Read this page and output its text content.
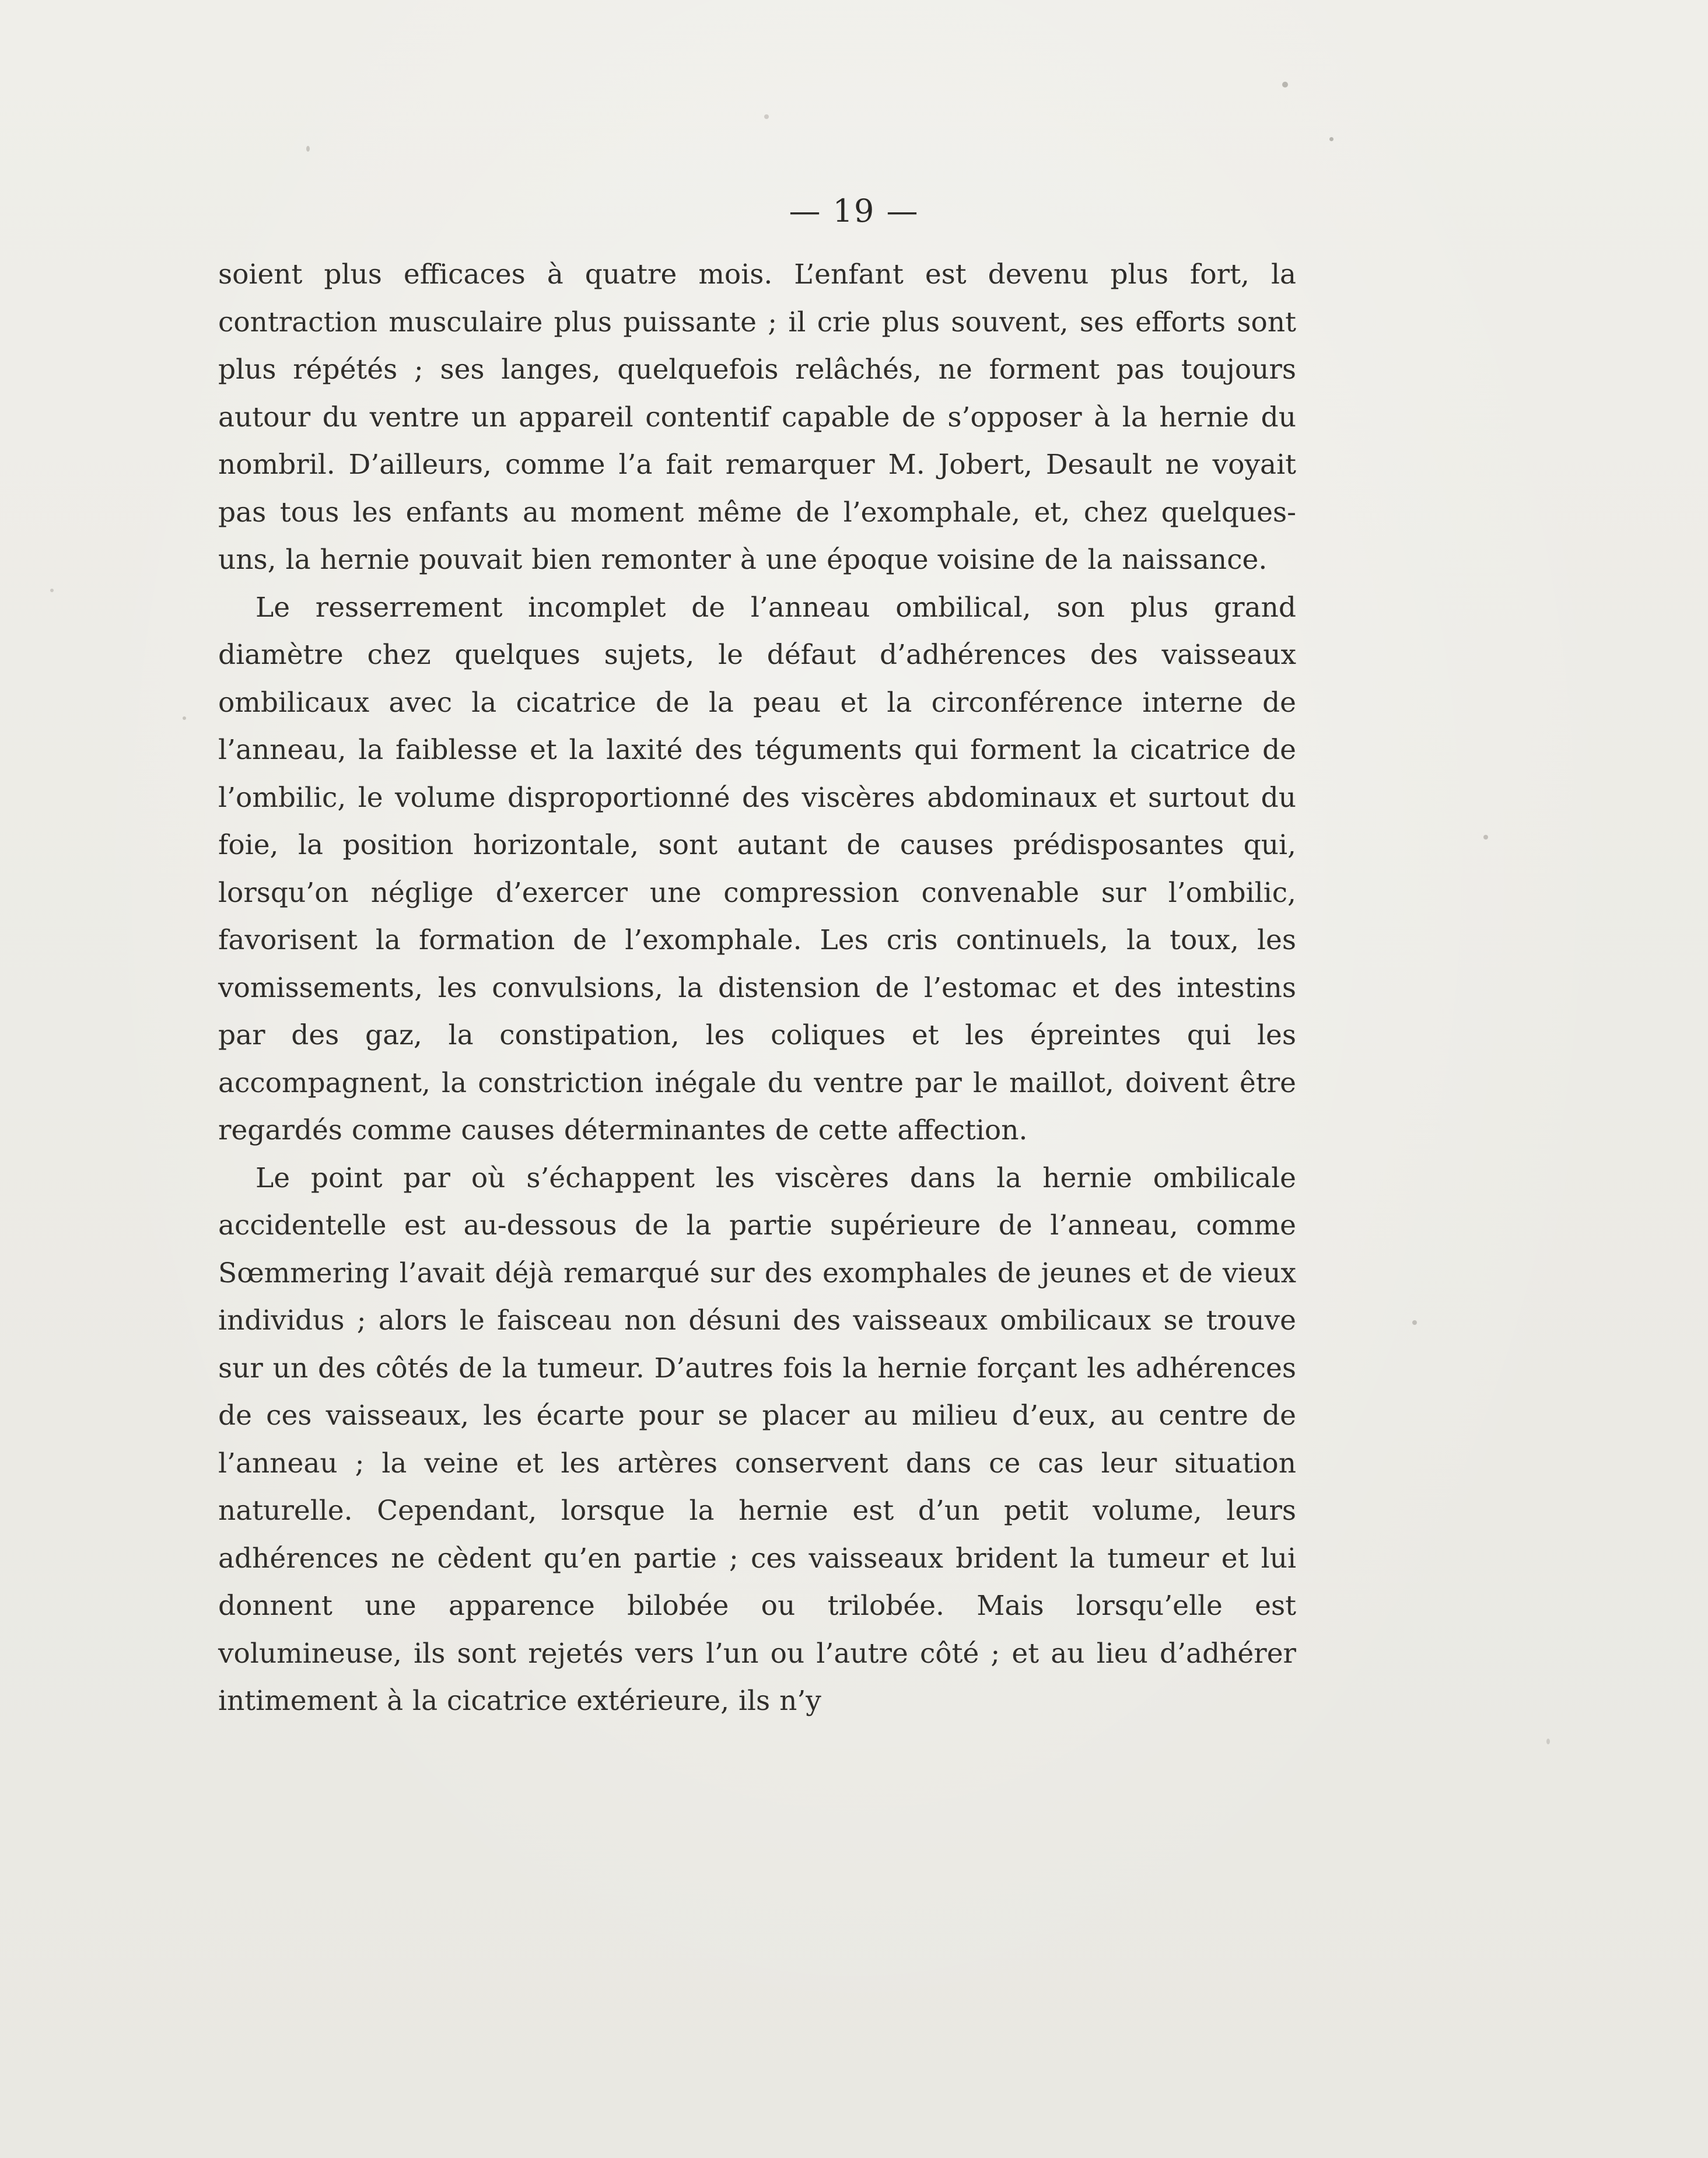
— 19 —

soient plus efficaces à quatre mois. L’enfant est devenu plus fort, la contraction musculaire plus puissante ; il crie plus souvent, ses efforts sont plus répétés ; ses langes, quelquefois relâchés, ne forment pas toujours autour du ventre un appareil contentif capable de s’opposer à la hernie du nombril. D’ailleurs, comme l’a fait remarquer M. Jobert, Desault ne voyait pas tous les enfants au moment même de l’exomphale, et, chez quelques-uns, la hernie pouvait bien remonter à une époque voisine de la naissance.

Le resserrement incomplet de l’anneau ombilical, son plus grand diamètre chez quelques sujets, le défaut d’adhérences des vaisseaux ombilicaux avec la cicatrice de la peau et la circonférence interne de l’anneau, la faiblesse et la laxité des téguments qui forment la cicatrice de l’ombilic, le volume disproportionné des viscères abdominaux et surtout du foie, la position horizontale, sont autant de causes prédisposantes qui, lorsqu’on néglige d’exercer une compression convenable sur l’ombilic, favorisent la formation de l’exomphale. Les cris continuels, la toux, les vomissements, les convulsions, la distension de l’estomac et des intestins par des gaz, la constipation, les coliques et les épreintes qui les accompagnent, la constriction inégale du ventre par le maillot, doivent être regardés comme causes déterminantes de cette affection.

Le point par où s’échappent les viscères dans la hernie ombilicale accidentelle est au-dessous de la partie supérieure de l’anneau, comme Sœmmering l’avait déjà remarqué sur des exomphales de jeunes et de vieux individus ; alors le faisceau non désuni des vaisseaux ombilicaux se trouve sur un des côtés de la tumeur. D’autres fois la hernie forçant les adhérences de ces vaisseaux, les écarte pour se placer au milieu d’eux, au centre de l’anneau ; la veine et les artères conservent dans ce cas leur situation naturelle. Cependant, lorsque la hernie est d’un petit volume, leurs adhérences ne cèdent qu’en partie ; ces vaisseaux brident la tumeur et lui donnent une apparence bilobée ou trilobée. Mais lorsqu’elle est volumineuse, ils sont rejetés vers l’un ou l’autre côté ; et au lieu d’adhérer intimement à la cicatrice extérieure, ils n’y
